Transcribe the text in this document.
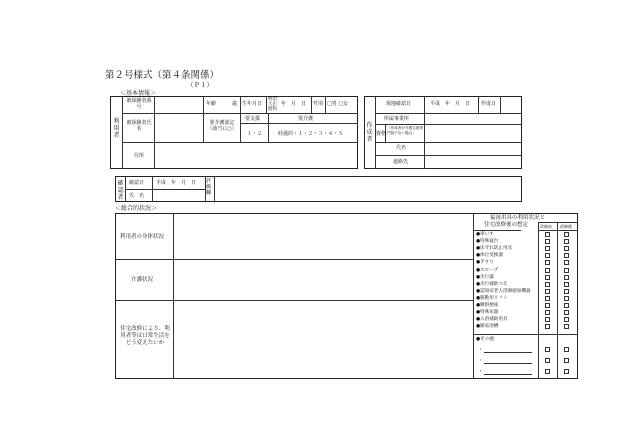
第２号様式（第４条関係）
（Ｐ１）
＜基本情報＞
利用者
被保険者番号	年齢	歳 生年月日
明治大正昭和
年　月　日 性別 □男 □女
被保険者氏名
要介護認定（該当に○）
要支援	要介護
１・２	経過的・１・２・３・４・５
住所
作成者
現地確認日	平成　年　月　日 作成日
所属事業所
資格
（作成者が介護支援専門員でない場合）
氏名
連絡先
確認者
確認日 平成　年　月　日
氏　名
評価欄
＜総合的状況＞
利用者の身体状況
介護状況
住宅改修により、利用者等は日常生活をどう変えたいか
福祉用具の利用状況と
住宅改修後の想定	改修前 改修後
●車いす
●特殊寝台
●床ずれ防止用具
●体位変換器
●手すり
●スロープ
●歩行器
●歩行補助つえ
●認知症老人徘徊感知機器
●移動用リフト
●腰掛便座
●特殊尿器
●入浴補助用具
●簡易浴槽
●その他
・
・
・
